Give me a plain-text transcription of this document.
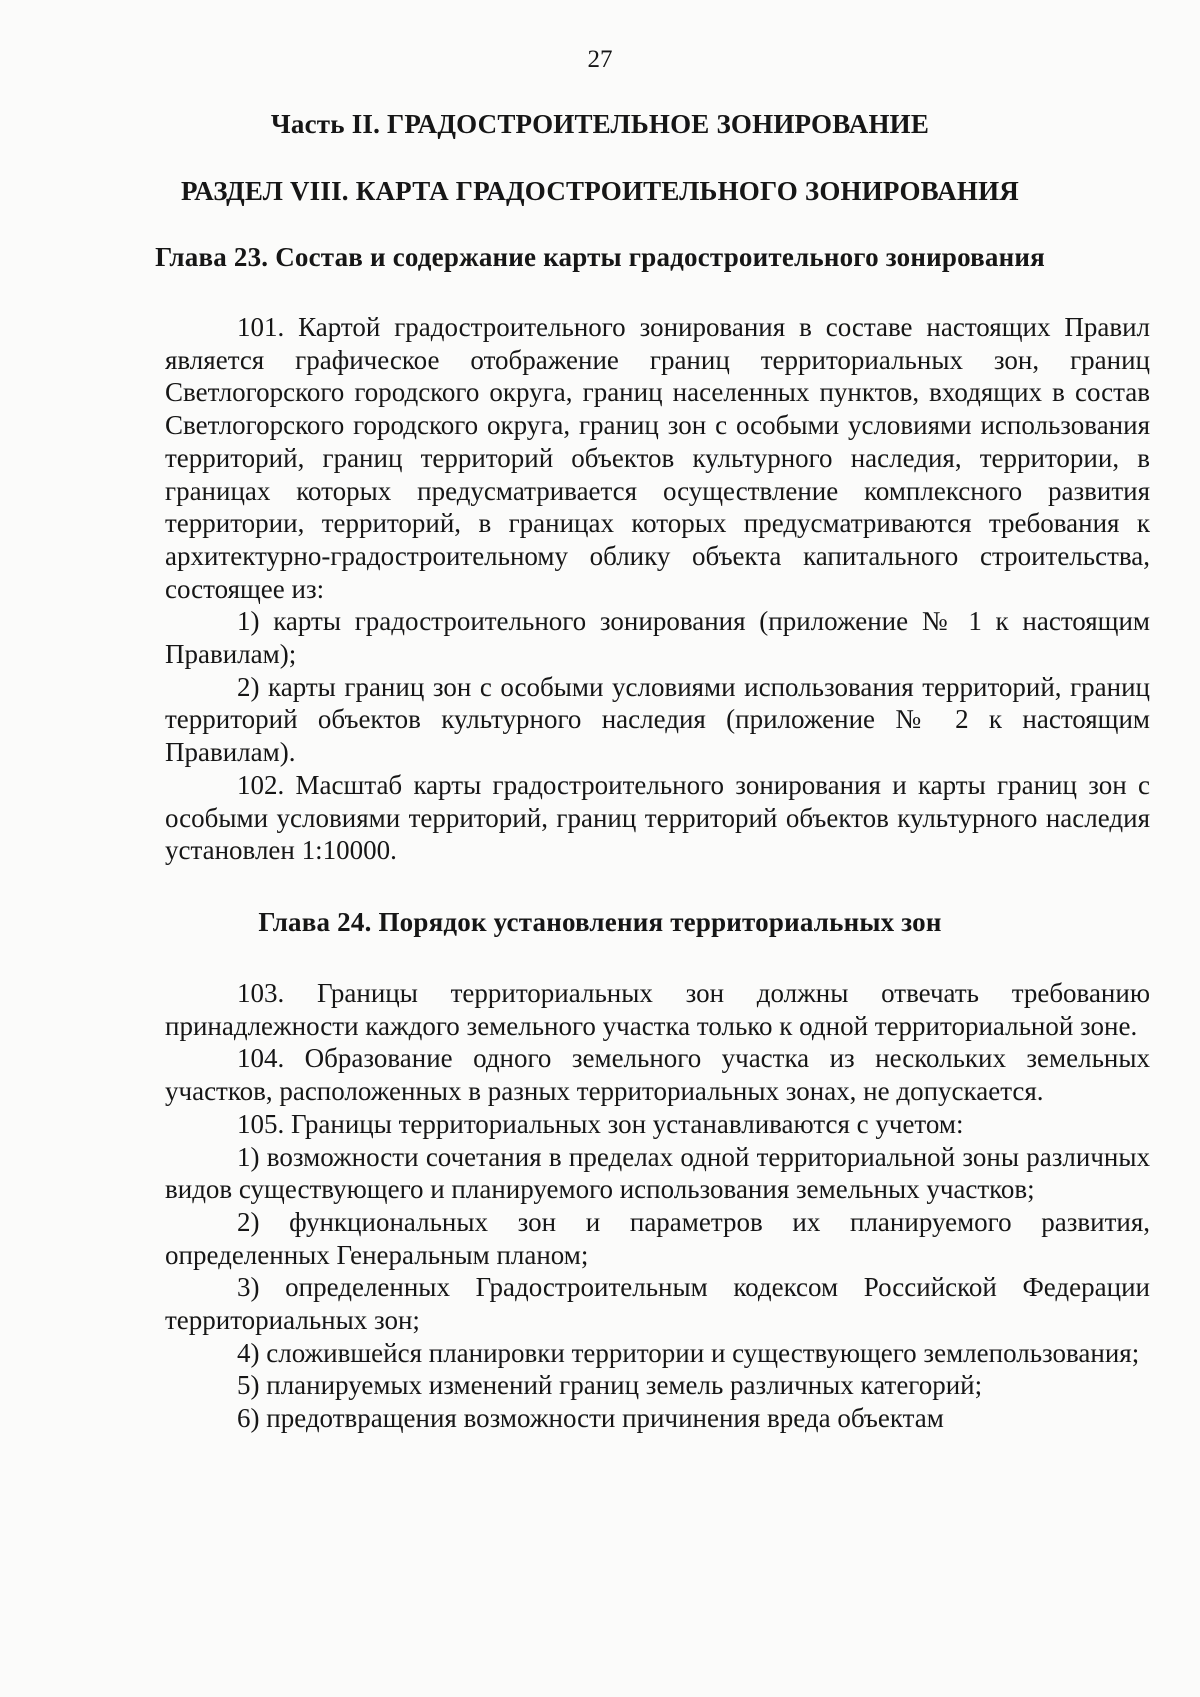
27
Часть II. ГРАДОСТРОИТЕЛЬНОЕ ЗОНИРОВАНИЕ
РАЗДЕЛ VIII. КАРТА ГРАДОСТРОИТЕЛЬНОГО ЗОНИРОВАНИЯ
Глава 23. Состав и содержание карты градостроительного зонирования

101. Картой градостроительного зонирования в составе настоящих Правил является графическое отображение границ территориальных зон, границ Светлогорского городского округа, границ населенных пунктов, входящих в состав Светлогорского городского округа, границ зон с особыми условиями использования территорий, границ территорий объектов культурного наследия, территории, в границах которых предусматривается осуществление комплексного развития территории, территорий, в границах которых предусматриваются требования к архитектурно-градостроительному облику объекта капитального строительства, состоящее из:

1) карты градостроительного зонирования (приложение № 1 к настоящим Правилам);

2) карты границ зон с особыми условиями использования территорий, границ территорий объектов культурного наследия (приложение № 2 к настоящим Правилам).

102. Масштаб карты градостроительного зонирования и карты границ зон с особыми условиями территорий, границ территорий объектов культурного наследия установлен 1:10000.

Глава 24. Порядок установления территориальных зон

103. Границы территориальных зон должны отвечать требованию принадлежности каждого земельного участка только к одной территориальной зоне.

104. Образование одного земельного участка из нескольких земельных участков, расположенных в разных территориальных зонах, не допускается.

105. Границы территориальных зон устанавливаются с учетом:

1) возможности сочетания в пределах одной территориальной зоны различных видов существующего и планируемого использования земельных участков;

2) функциональных зон и параметров их планируемого развития, определенных Генеральным планом;

3) определенных Градостроительным кодексом Российской Федерации территориальных зон;

4) сложившейся планировки территории и существующего землепользования;

5) планируемых изменений границ земель различных категорий;

6) предотвращения возможности причинения вреда объектам
